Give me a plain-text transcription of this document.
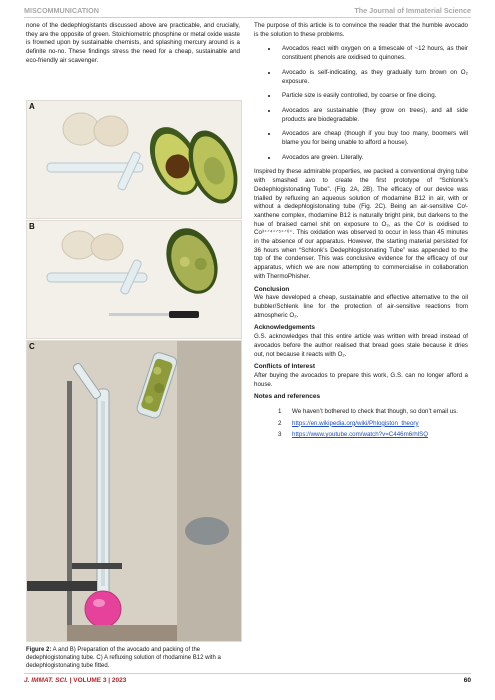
MISCOMMUNICATION	The Journal of Immaterial Science

none of the dedephlogistants discussed above are practicable, and crucially, they are the opposite of green. Stoichiometric phosphine or metal oxide waste is frowned upon by sustainable chemists, and splashing mercury around is a definite no-no. These findings stress the need for a cheap, sustainable and eco-friendly air scavenger.

A
B
C
Figure 2: A and B) Preparation of the avocado and packing of the dedephlogistonating tube. C) A refluxing solution of rhodamine B12 with a dedephlogistonating tube fitted.

The purpose of this article is to convince the reader that the humble avocado is the solution to these problems.

• Avocados react with oxygen on a timescale of ~12 hours, as their constituent phenols are oxidised to quinones.
• Avocado is self-indicating, as they gradually turn brown on O₂ exposure.
• Particle size is easily controlled, by coarse or fine dicing.
• Avocados are sustainable (they grow on trees), and all side products are biodegradable.
• Avocados are cheap (though if you buy too many, boomers will blame you for being unable to afford a house).
• Avocados are green. Literally.

Inspired by these admirable properties, we packed a conventional drying tube with smashed avo to create the first prototype of “Schlonk’s Dedephlogistonating Tube”. (Fig. 2A, 2B). The efficacy of our device was trialled by refluxing an aqueous solution of rhodamine B12 in air, with or without a dedephlogistonating tube (Fig. 2C). Being an air-sensitive Coᴵ-xanthene complex, rhodamine B12 is naturally bright pink, but darkens to the hue of braised camel shit on exposure to O₂, as the Coᴵ is oxidised to Co³⁺ᐟ⁴⁺ᐟ⁵⁺ᐟ⁶⁺. This oxidation was observed to occur in less than 45 minutes in the absence of our apparatus. However, the starting material persisted for 36 hours when “Schlonk’s Dedephlogistonating Tube” was appended to the top of the condenser. This was conclusive evidence for the efficacy of our apparatus, which we are now attempting to commercialise in collaboration with ThermoPhisher.

Conclusion

We have developed a cheap, sustainable and effective alternative to the oil bubbler/Schlenk line for the protection of air-sensitive reactions from atmospheric O₂.

Acknowledgements

G.S. acknowledges that this entire article was written with bread instead of avocados before the author realised that bread goes stale because it dries out, not because it reacts with O₂.

Conflicts of Interest

After buying the avocados to prepare this work, G.S. can no longer afford a house.

Notes and references
1	We haven’t bothered to check that though, so don’t email us.
2	https://en.wikipedia.org/wiki/Phlogiston_theory
3	https://www.youtube.com/watch?v=C446m6rhlSQ
J. IMMAT. SCI. | VOLUME 3 | 2023	60
